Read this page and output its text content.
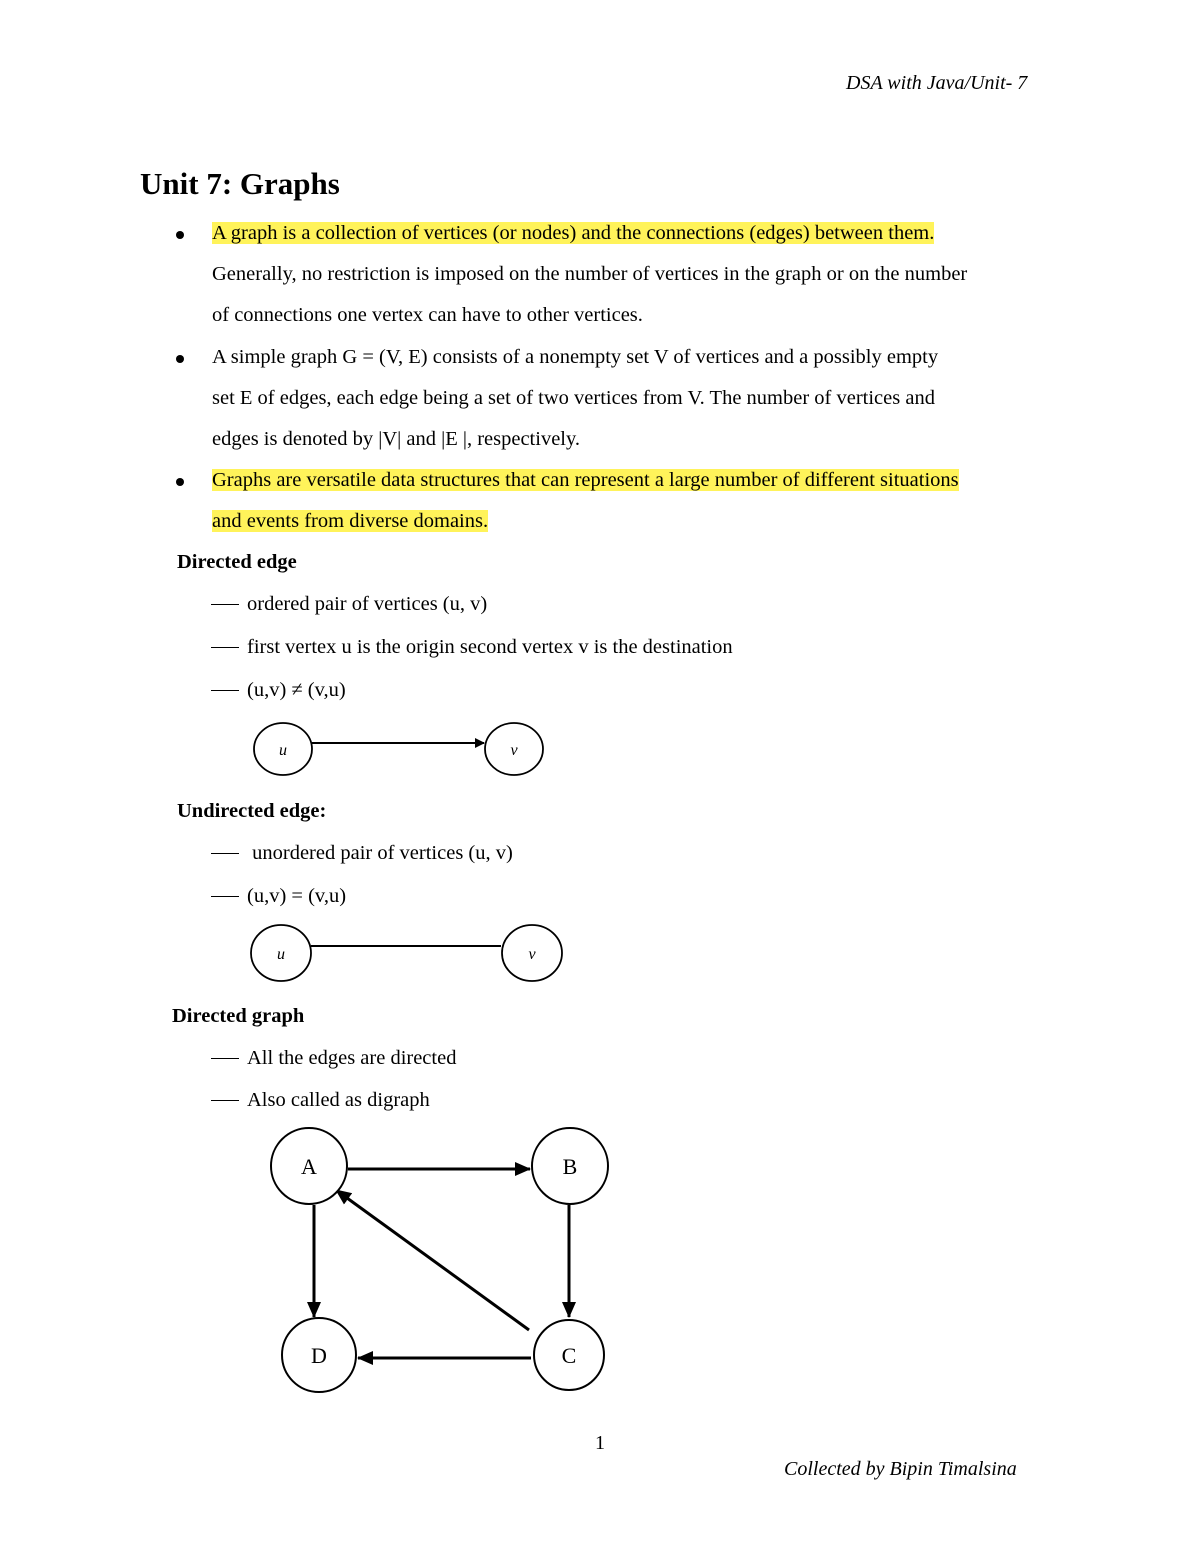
DSA with Java/Unit- 7
Unit 7: Graphs
A graph is a collection of vertices (or nodes) and the connections (edges) between them.
Generally, no restriction is imposed on the number of vertices in the graph or on the number
of connections one vertex can have to other vertices.
A simple graph G = (V, E) consists of a nonempty set V of vertices and a possibly empty
set E of edges, each edge being a set of two vertices from V. The number of vertices and
edges is denoted by |V| and |E |, respectively.
Graphs are versatile data structures that can represent a large number of different situations
and events from diverse domains.
Directed edge
ordered pair of vertices (u, v)
first vertex u is the origin second vertex v is the destination
(u,v) ≠ (v,u)
Undirected edge:
unordered pair of vertices (u, v)
(u,v) = (v,u)
Directed graph
All the edges are directed
Also called as digraph
u	v
u	v
A	B
C
D
1
Collected by Bipin Timalsina
